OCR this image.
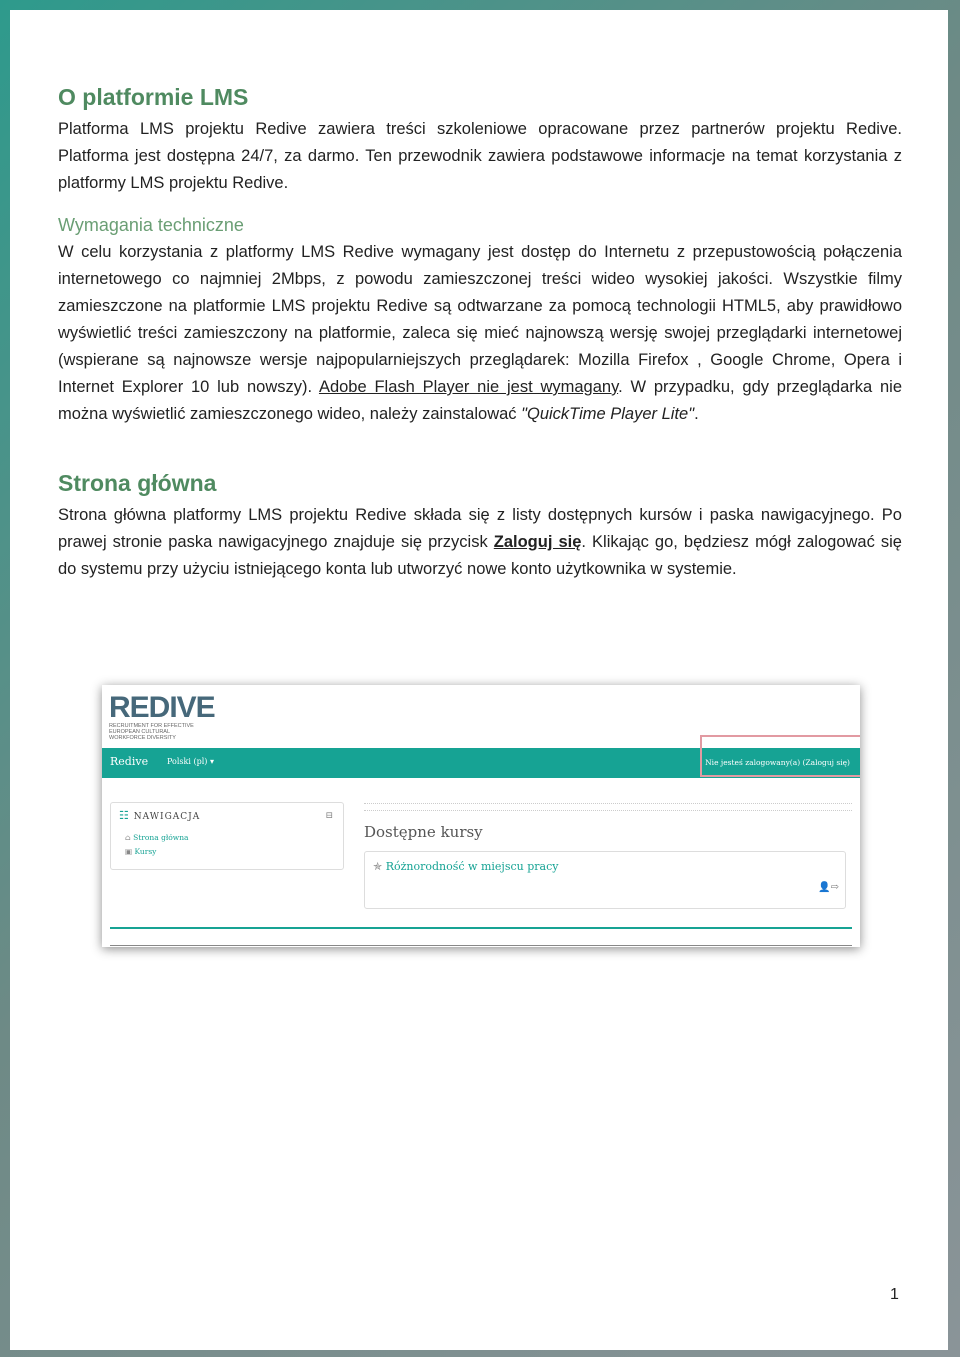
O platformie LMS

Platforma LMS projektu Redive zawiera treści szkoleniowe opracowane przez partnerów projektu Redive. Platforma jest dostępna 24/7, za darmo. Ten przewodnik zawiera podstawowe informacje na temat korzystania z platformy LMS projektu Redive.

Wymagania techniczne

W celu korzystania z platformy LMS Redive wymagany jest dostęp do Internetu z przepustowością połączenia internetowego co najmniej 2Mbps, z powodu zamieszczonej treści wideo wysokiej jakości. Wszystkie filmy zamieszczone na platformie LMS projektu Redive są odtwarzane za pomocą technologii HTML5, aby prawidłowo wyświetlić treści zamieszczony na platformie, zaleca się mieć najnowszą wersję swojej przeglądarki internetowej (wspierane są najnowsze wersje najpopularniejszych przeglądarek: Mozilla Firefox , Google Chrome, Opera i Internet Explorer 10 lub nowszy). Adobe Flash Player nie jest wymagany. W przypadku, gdy przeglądarka nie można wyświetlić zamieszczonego wideo, należy zainstalować "QuickTime Player Lite".

Strona główna

Strona główna platformy LMS projektu Redive składa się z listy dostępnych kursów i paska nawigacyjnego. Po prawej stronie paska nawigacyjnego znajduje się przycisk Zaloguj się. Klikając go, będziesz mógł zalogować się do systemu przy użyciu istniejącego konta lub utworzyć nowe konto użytkownika w systemie.

REDIVE
RECRUITMENT FOR EFFECTIVE EUROPEAN CULTURAL WORKFORCE DIVERSITY
Redive Polski (pl) ▾	Nie jesteś zalogowany(a) (Zaloguj się)
☷ NAWIGACJA	⊟
⌂ Strona główna
▣ Kursy
Dostępne kursy
✯ Różnorodność w miejscu pracy
👤⇨
1
